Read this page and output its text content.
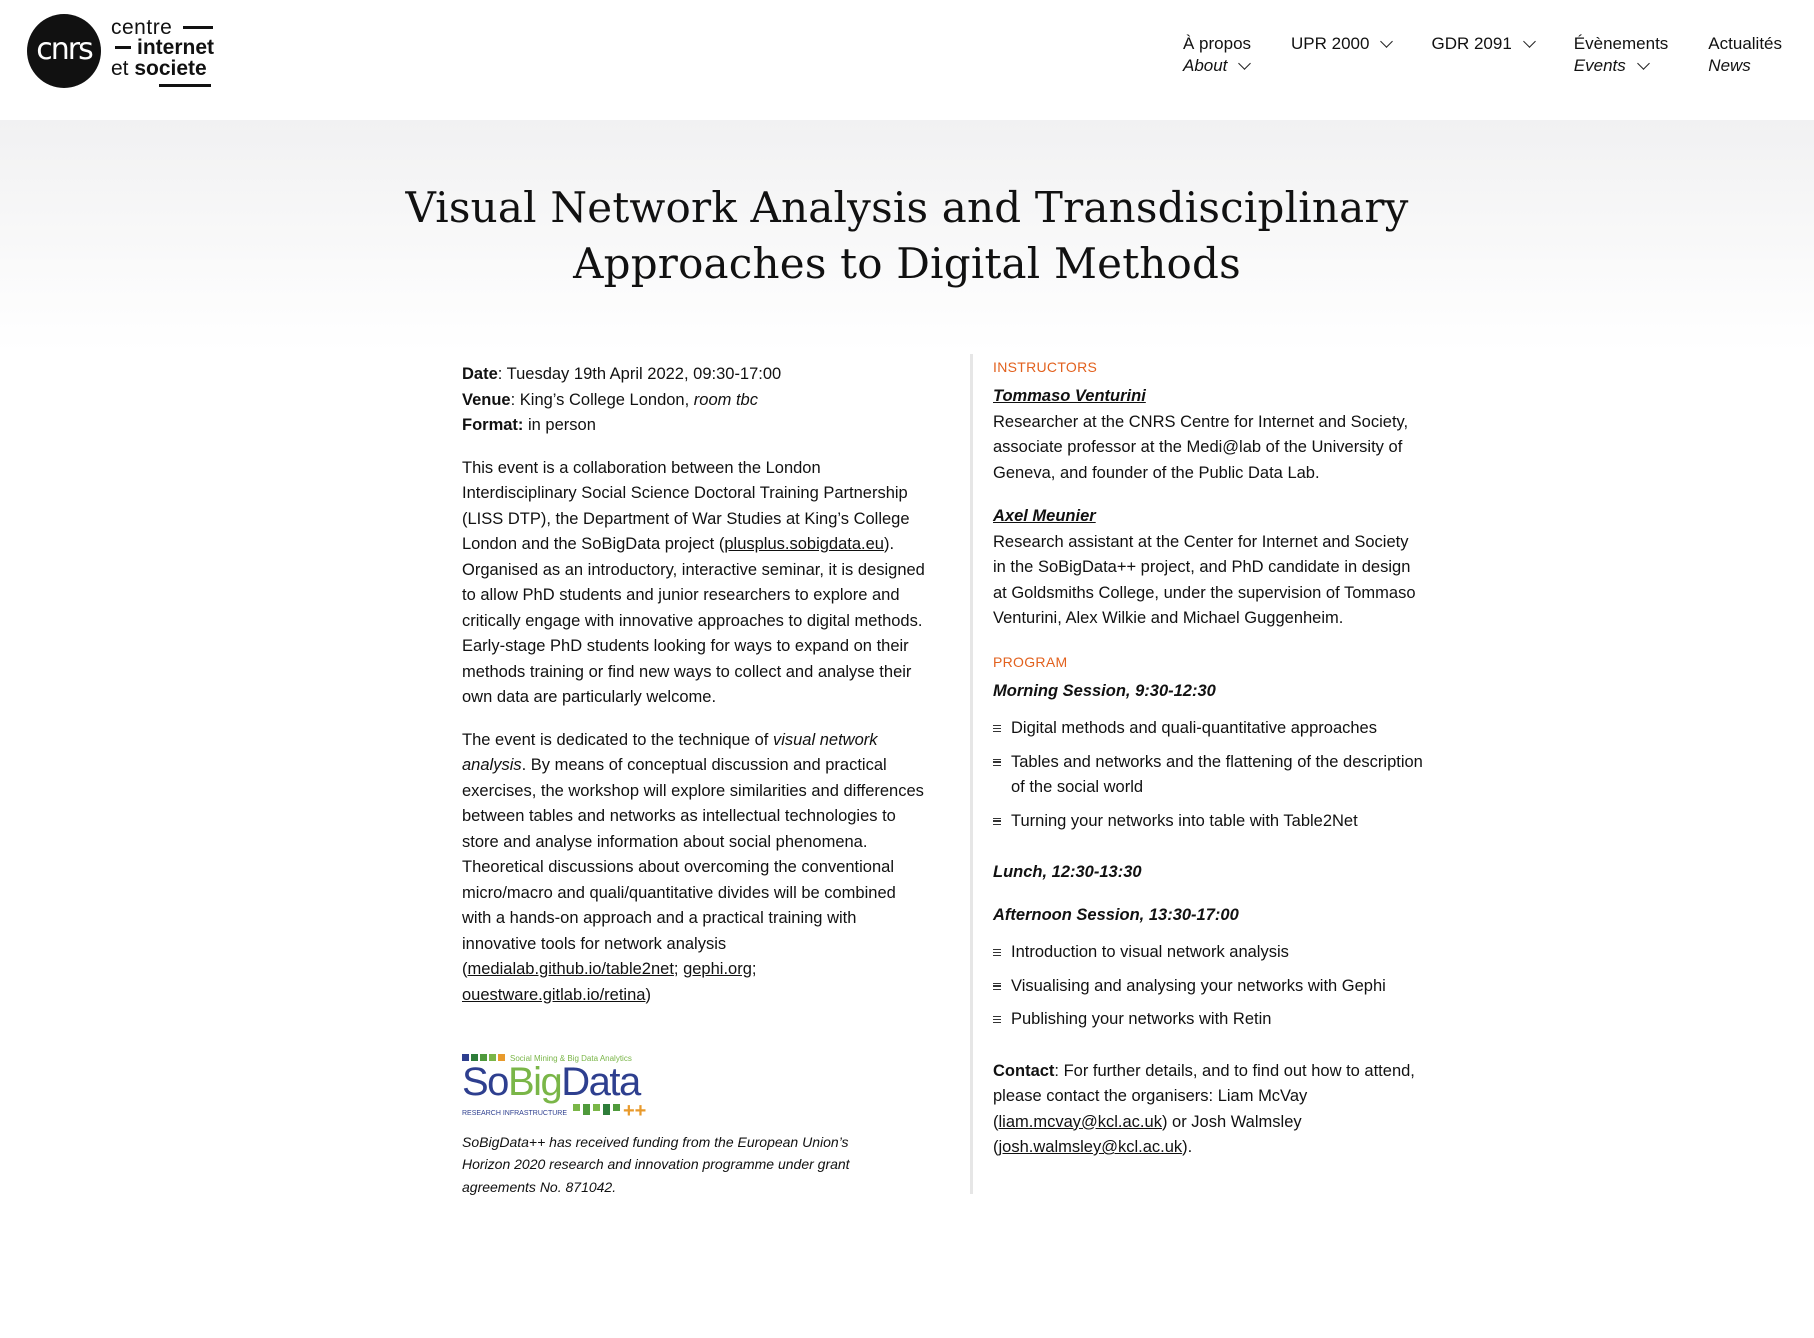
cnrs
centre
internet
et societe
À propos
About
UPR 2000	GDR 2091	Évènements
Events
Actualités
News
Visual Network Analysis and Transdisciplinary
Approaches to Digital Methods

Date: Tuesday 19th April 2022, 09:30-17:00

Venue: King’s College London, room tbc

Format: in person

This event is a collaboration between the London Interdisciplinary Social Science Doctoral Training Partnership (LISS DTP), the Department of War Studies at King’s College London and the SoBigData project (plusplus.sobigdata.eu). Organised as an introductory, interactive seminar, it is designed to allow PhD students and junior researchers to explore and critically engage with innovative approaches to digital methods. Early-stage PhD students looking for ways to expand on their methods training or find new ways to collect and analyse their own data are particularly welcome.

The event is dedicated to the technique of visual network analysis. By means of conceptual discussion and practical exercises, the workshop will explore similarities and differences between tables and networks as intellectual technologies to store and analyse information about social phenomena. Theoretical discussions about overcoming the conventional micro/macro and quali/quantitative divides will be combined with a hands-on approach and a practical training with innovative tools for network analysis (medialab.github.io/table2net; gephi.org; ouestware.gitlab.io/retina)

Social Mining & Big Data Analytics
SoBigData
RESEARCH INFRASTRUCTURE	++

SoBigData++ has received funding from the European Union’s Horizon 2020 research and innovation programme under grant agreements No. 871042.

INSTRUCTORS
Tommaso Venturini
Researcher at the CNRS Centre for Internet and Society, associate professor at the Medi@lab of the University of Geneva, and founder of the Public Data Lab.
Axel Meunier
Research assistant at the Center for Internet and Society in the SoBigData++ project, and PhD candidate in design at Goldsmiths College, under the supervision of Tommaso Venturini, Alex Wilkie and Michael Guggenheim.
PROGRAM
Morning Session, 9:30-12:30
Digital methods and quali-quantitative approaches
Tables and networks and the flattening of the description of the social world
Turning your networks into table with Table2Net
Lunch, 12:30-13:30
Afternoon Session, 13:30-17:00
Introduction to visual network analysis
Visualising and analysing your networks with Gephi
Publishing your networks with Retin

Contact: For further details, and to find out how to attend, please contact the organisers: Liam McVay (liam.mcvay@kcl.ac.uk) or Josh Walmsley (josh.walmsley@kcl.ac.uk).
